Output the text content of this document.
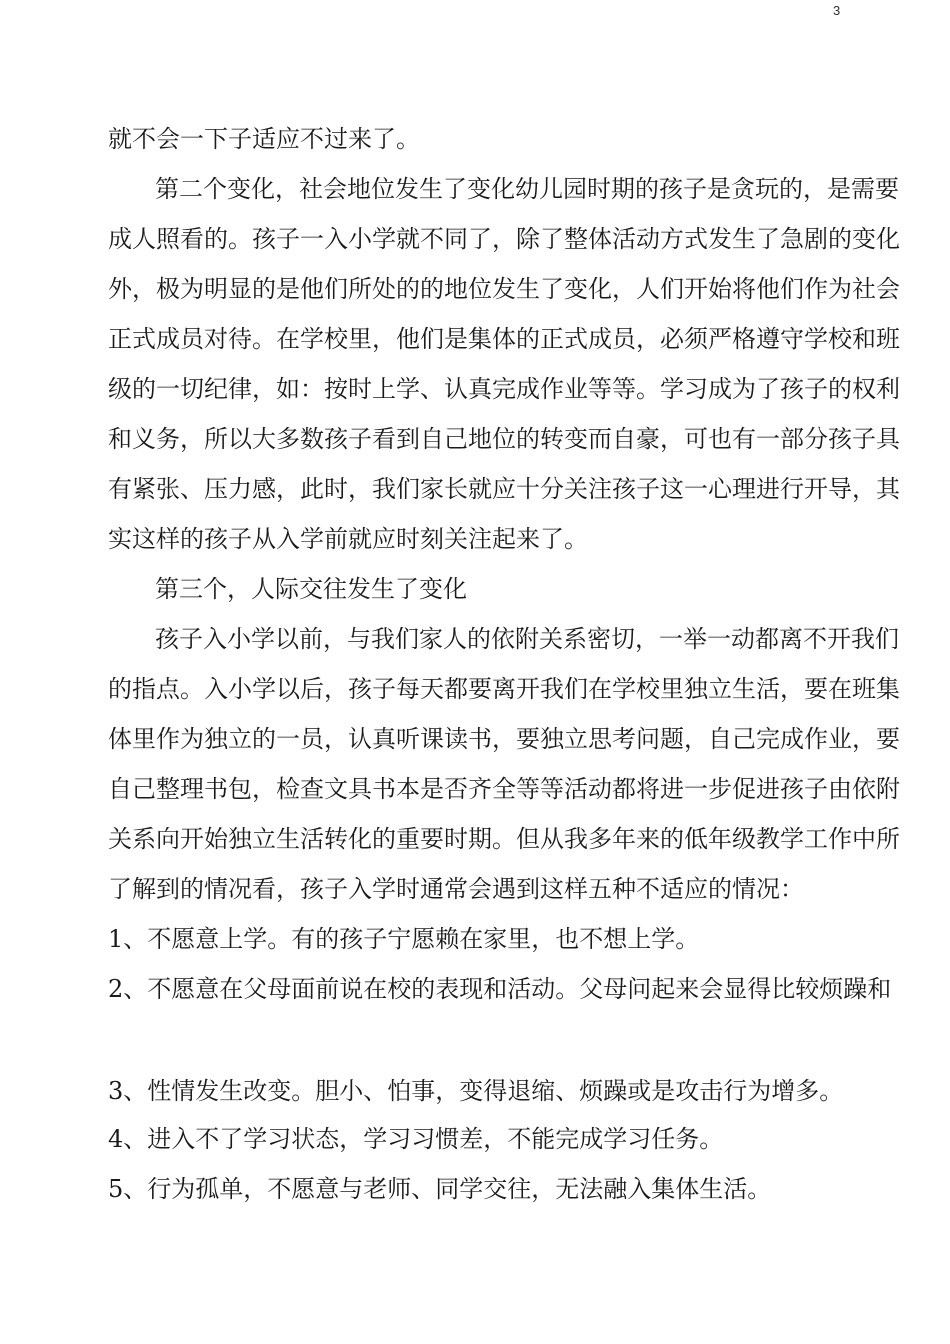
3
就不会一下子适应不过来了。
第二个变化，社会地位发生了变化幼儿园时期的孩子是贪玩的，是需要
成人照看的。孩子一入小学就不同了，除了整体活动方式发生了急剧的变化
外，极为明显的是他们所处的的地位发生了变化，人们开始将他们作为社会
正式成员对待。在学校里，他们是集体的正式成员，必须严格遵守学校和班
级的一切纪律，如：按时上学、认真完成作业等等。学习成为了孩子的权利
和义务，所以大多数孩子看到自己地位的转变而自豪，可也有一部分孩子具
有紧张、压力感，此时，我们家长就应十分关注孩子这一心理进行开导，其
实这样的孩子从入学前就应时刻关注起来了。
第三个，人际交往发生了变化
孩子入小学以前，与我们家人的依附关系密切，一举一动都离不开我们
的指点。入小学以后，孩子每天都要离开我们在学校里独立生活，要在班集
体里作为独立的一员，认真听课读书，要独立思考问题，自己完成作业，要
自己整理书包，检查文具书本是否齐全等等活动都将进一步促进孩子由依附
关系向开始独立生活转化的重要时期。但从我多年来的低年级教学工作中所
了解到的情况看，孩子入学时通常会遇到这样五种不适应的情况：
1、不愿意上学。有的孩子宁愿赖在家里，也不想上学。
2、不愿意在父母面前说在校的表现和活动。父母问起来会显得比较烦躁和
3、性情发生改变。胆小、怕事，变得退缩、烦躁或是攻击行为增多。
4、进入不了学习状态，学习习惯差，不能完成学习任务。
5、行为孤单，不愿意与老师、同学交往，无法融入集体生活。
